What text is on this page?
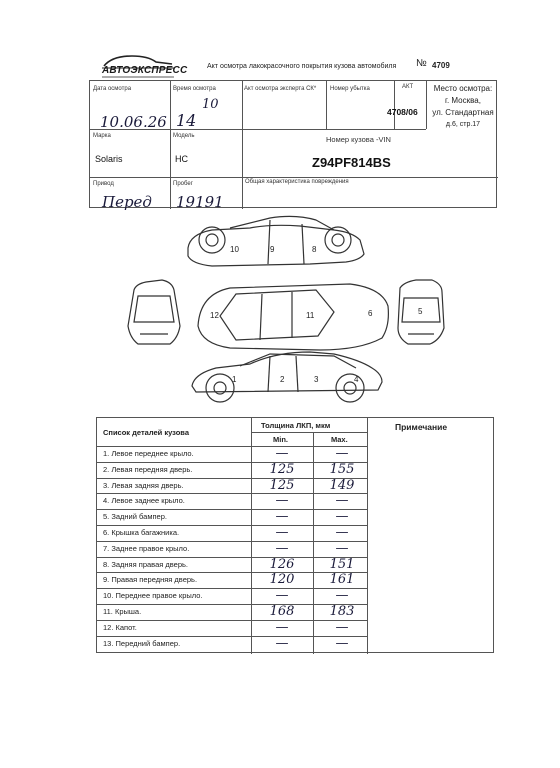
АВТОЭКСПРЕСС	Акт осмотра лакокрасочного покрытия кузова автомобиля № 4709
Дата осмотра
10.06.26
Время осмотра
14
10
Акт осмотра эксперта СК* Номер убытка	АКТ
4708/06
Место осмотра:
г. Москва,
ул. Стандартная
д.6, стр.17
Марка
Solaris
Модель
HC
Номер кузова -VIN
Z94PF814BS
Привод
Перед
Пробег
19191
Общая характеристика повреждения
10	9	8
12	11	6	5
1	2	3	4
Список деталей кузова
Толщина ЛКП, мкм
Min.	Max.
Примечание
1. Левое переднее крыло.	—	—
2. Левая передняя дверь.	125	155
3. Левая задняя дверь.	125	149
4. Левое заднее крыло.	—	—
5. Задний бампер.	—	—
6. Крышка багажника.	—	—
7. Заднее правое крыло.	—	—
8. Задняя правая дверь.	126	151
9. Правая передняя дверь.	120	161
10. Переднее правое крыло.	—	—
11. Крыша.	168	183
12. Капот.	—	—
13. Передний бампер.	—	—
